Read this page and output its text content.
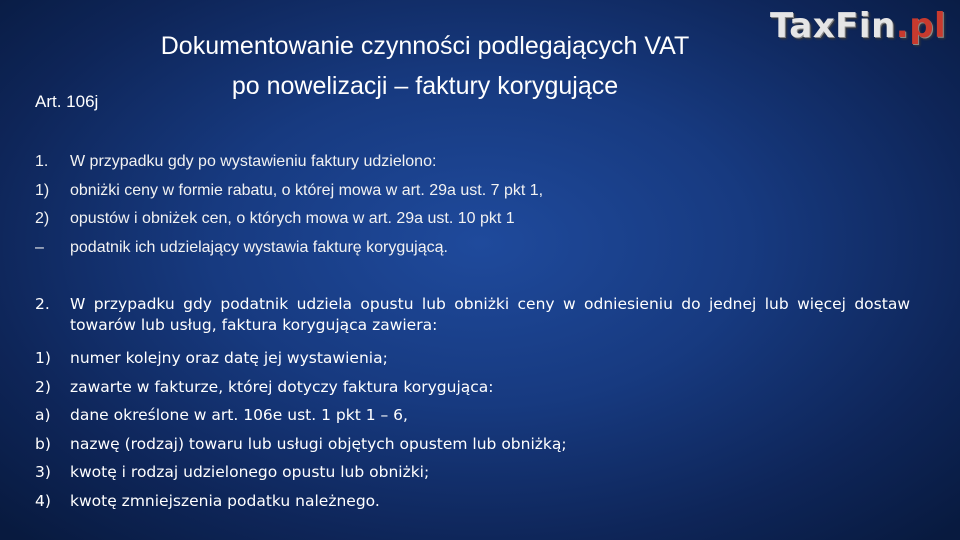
Dokumentowanie czynności podlegających VAT
po nowelizacji – faktury korygujące
Art. 106j
TaxFin.pl
1. W przypadku gdy po wystawieniu faktury udzielono:
1) obniżki ceny w formie rabatu, o której mowa w art. 29a ust. 7 pkt 1,
2) opustów i obniżek cen, o których mowa w art. 29a ust. 10 pkt 1
– podatnik ich udzielający wystawia fakturę korygującą.
2. W przypadku gdy podatnik udziela opustu lub obniżki ceny w odniesieniu do jednej lub więcej dostaw towarów lub usług, faktura korygująca zawiera:
1) numer kolejny oraz datę jej wystawienia;
2) zawarte w fakturze, której dotyczy faktura korygująca:
a) dane określone w art. 106e ust. 1 pkt 1 – 6,
b) nazwę (rodzaj) towaru lub usługi objętych opustem lub obniżką;
3) kwotę i rodzaj udzielonego opustu lub obniżki;
4) kwotę zmniejszenia podatku należnego.
